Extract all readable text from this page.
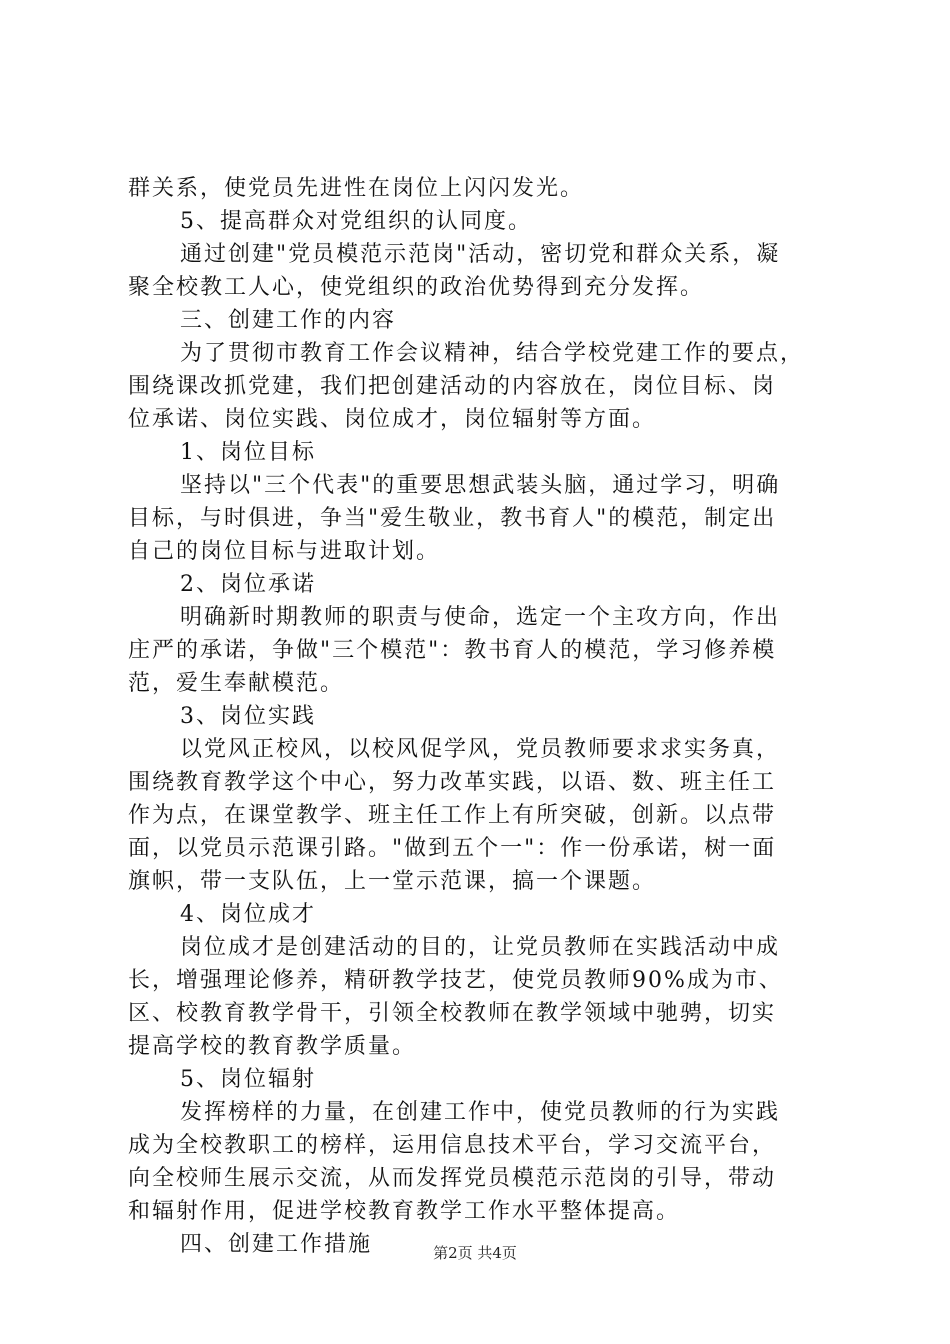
群关系，使党员先进性在岗位上闪闪发光。
5、提高群众对党组织的认同度。
通过创建"党员模范示范岗"活动，密切党和群众关系，凝
聚全校教工人心，使党组织的政治优势得到充分发挥。
三、创建工作的内容
为了贯彻市教育工作会议精神，结合学校党建工作的要点，
围绕课改抓党建，我们把创建活动的内容放在，岗位目标、岗
位承诺、岗位实践、岗位成才，岗位辐射等方面。
1、岗位目标
坚持以"三个代表"的重要思想武装头脑，通过学习，明确
目标，与时俱进，争当"爱生敬业，教书育人"的模范，制定出
自己的岗位目标与进取计划。
2、岗位承诺
明确新时期教师的职责与使命，选定一个主攻方向，作出
庄严的承诺，争做"三个模范"：教书育人的模范，学习修养模
范，爱生奉献模范。
3、岗位实践
以党风正校风，以校风促学风，党员教师要求求实务真，
围绕教育教学这个中心，努力改革实践，以语、数、班主任工
作为点，在课堂教学、班主任工作上有所突破，创新。以点带
面，以党员示范课引路。"做到五个一"：作一份承诺，树一面
旗帜，带一支队伍，上一堂示范课，搞一个课题。
4、岗位成才
岗位成才是创建活动的目的，让党员教师在实践活动中成
长，增强理论修养，精研教学技艺，使党员教师90%成为市、
区、校教育教学骨干，引领全校教师在教学领域中驰骋，切实
提高学校的教育教学质量。
5、岗位辐射
发挥榜样的力量，在创建工作中，使党员教师的行为实践
成为全校教职工的榜样，运用信息技术平台，学习交流平台，
向全校师生展示交流，从而发挥党员模范示范岗的引导，带动
和辐射作用，促进学校教育教学工作水平整体提高。
四、创建工作措施	第2页 共4页
